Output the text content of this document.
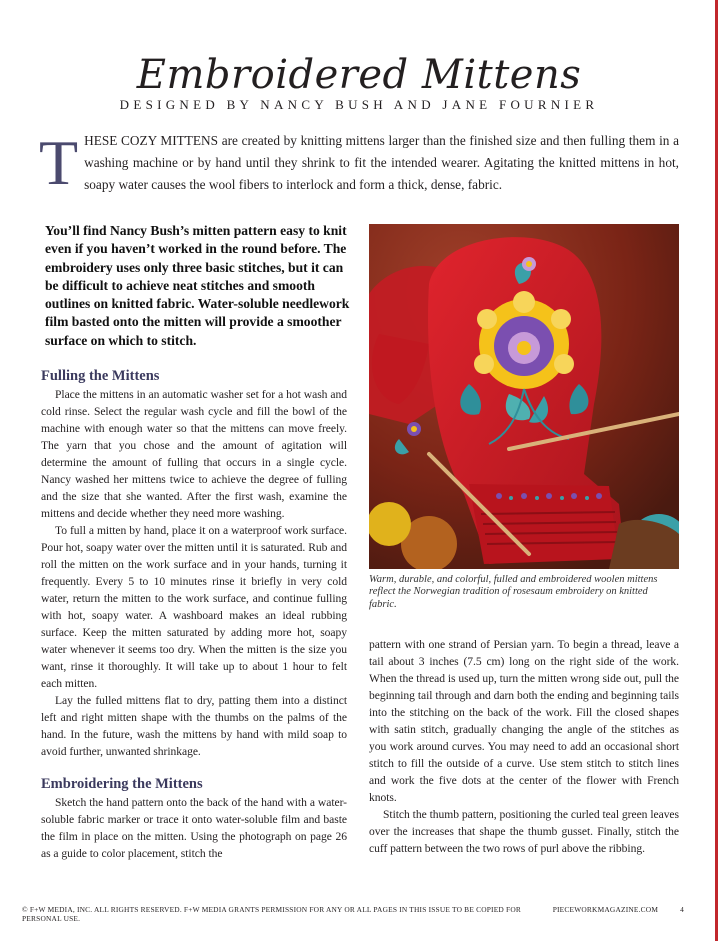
Embroidered Mittens
DESIGNED BY NANCY BUSH AND JANE FOURNIER
THESE COZY MITTENS are created by knitting mittens larger than the finished size and then fulling them in a washing machine or by hand until they shrink to fit the intended wearer. Agitating the knitted mittens in hot, soapy water causes the wool fibers to interlock and form a thick, dense, fabric.
You’ll find Nancy Bush’s mitten pattern easy to knit even if you haven’t worked in the round before. The embroidery uses only three basic stitches, but it can be difficult to achieve neat stitches and smooth outlines on knitted fabric. Water-soluble needlework film basted onto the mitten will provide a smoother surface on which to stitch.
Warm, durable, and colorful, fulled and embroidered woolen mittens reflect the Norwegian tradition of rosesaum embroidery on knitted fabric.
Fulling the Mittens

Place the mittens in an automatic washer set for a hot wash and cold rinse. Select the regular wash cycle and fill the bowl of the machine with enough water so that the mittens can move freely. The yarn that you chose and the amount of agitation will determine the amount of fulling that occurs in a single cycle. Nancy washed her mittens twice to achieve the degree of fulling and the size that she wanted. After the first wash, examine the mittens and decide whether they need more washing.

To full a mitten by hand, place it on a waterproof work surface. Pour hot, soapy water over the mitten until it is saturated. Rub and roll the mitten on the work surface and in your hands, turning it frequently. Every 5 to 10 minutes rinse it briefly in very cold water, return the mitten to the work surface, and continue fulling with hot, soapy water. A washboard makes an ideal rubbing surface. Keep the mitten saturated by adding more hot, soapy water whenever it seems too dry. When the mitten is the size you want, rinse it thoroughly. It will take up to about 1 hour to felt each mitten.

Lay the fulled mittens flat to dry, patting them into a distinct left and right mitten shape with the thumbs on the palms of the hand. In the future, wash the mittens by hand with mild soap to avoid further, unwanted shrinkage.

Embroidering the Mittens

Sketch the hand pattern onto the back of the hand with a water-soluble fabric marker or trace it onto water-soluble film and baste the film in place on the mitten. Using the photograph on page 26 as a guide to color placement, stitch the

pattern with one strand of Persian yarn. To begin a thread, leave a tail about 3 inches (7.5 cm) long on the right side of the work. When the thread is used up, turn the mitten wrong side out, pull the beginning tail through and darn both the ending and beginning tails into the stitching on the back of the work. Fill the closed shapes with satin stitch, gradually changing the angle of the stitches as you work around curves. You may need to add an occasional short stitch to fill the outside of a curve. Use stem stitch to stitch lines and work the five dots at the center of the flower with French knots.

Stitch the thumb pattern, positioning the curled teal green leaves over the increases that shape the thumb gusset. Finally, stitch the cuff pattern between the two rows of purl above the ribbing.

© F+W MEDIA, INC. ALL RIGHTS RESERVED. F+W MEDIA GRANTS PERMISSION FOR ANY OR ALL PAGES IN THIS ISSUE TO BE COPIED FOR PERSONAL USE.
PIECEWORKMAGAZINE.COM	4
